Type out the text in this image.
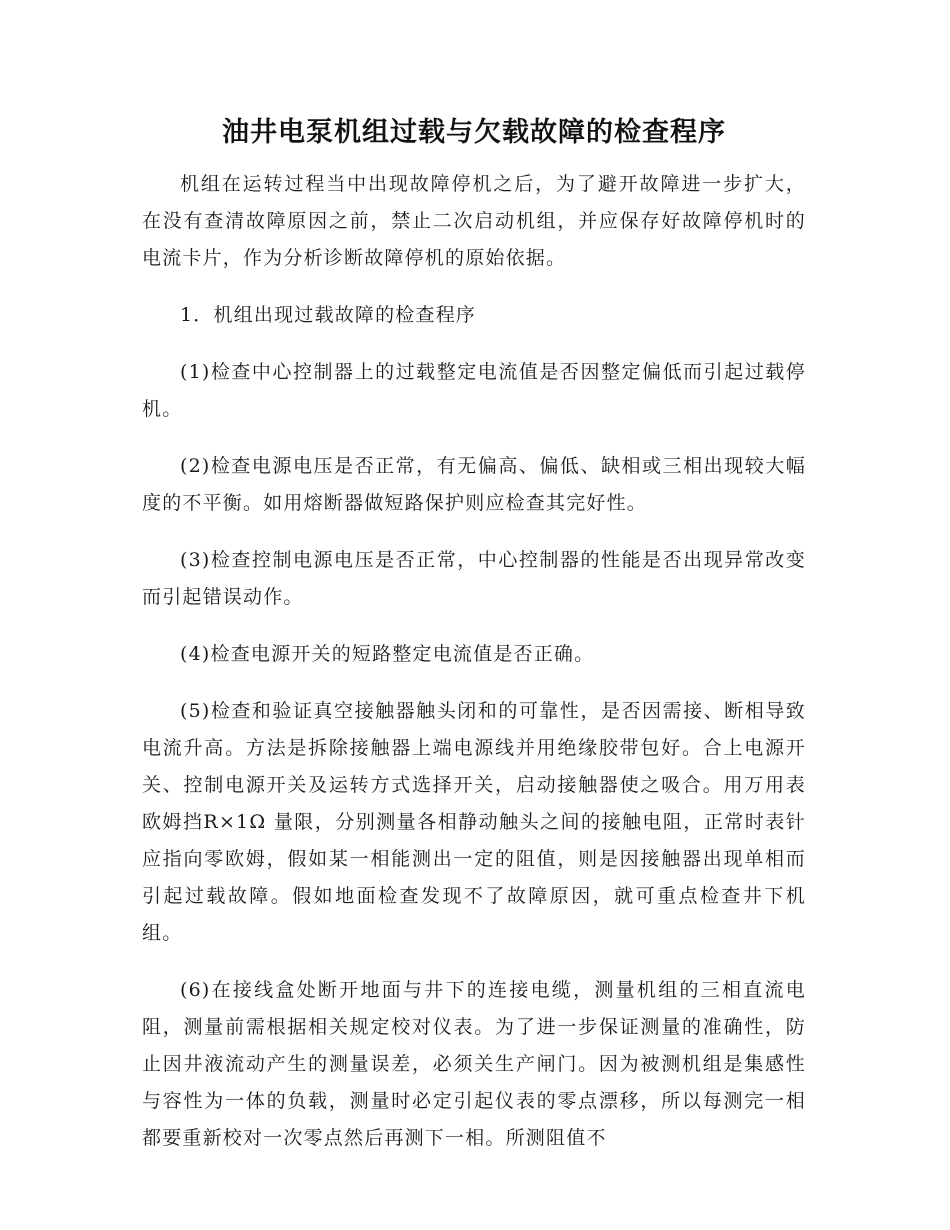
油井电泵机组过载与欠载故障的检查程序

机组在运转过程当中出现故障停机之后，为了避开故障进一步扩大，在没有查清故障原因之前，禁止二次启动机组，并应保存好故障停机时的电流卡片，作为分析诊断故障停机的原始依据。

1．机组出现过载故障的检查程序

(1)检查中心控制器上的过载整定电流值是否因整定偏低而引起过载停机。

(2)检查电源电压是否正常，有无偏高、偏低、缺相或三相出现较大幅度的不平衡。如用熔断器做短路保护则应检查其完好性。

(3)检查控制电源电压是否正常，中心控制器的性能是否出现异常改变而引起错误动作。

(4)检查电源开关的短路整定电流值是否正确。

(5)检查和验证真空接触器触头闭和的可靠性，是否因需接、断相导致电流升高。方法是拆除接触器上端电源线并用绝缘胶带包好。合上电源开关、控制电源开关及运转方式选择开关，启动接触器使之吸合。用万用表欧姆挡R×1Ω 量限，分别测量各相静动触头之间的接触电阻，正常时表针应指向零欧姆，假如某一相能测出一定的阻值，则是因接触器出现单相而引起过载故障。假如地面检查发现不了故障原因，就可重点检查井下机组。

(6)在接线盒处断开地面与井下的连接电缆，测量机组的三相直流电阻，测量前需根据相关规定校对仪表。为了进一步保证测量的准确性，防止因井液流动产生的测量误差，必须关生产闸门。因为被测机组是集感性与容性为一体的负载，测量时必定引起仪表的零点漂移，所以每测完一相都要重新校对一次零点然后再测下一相。所测阻值不
